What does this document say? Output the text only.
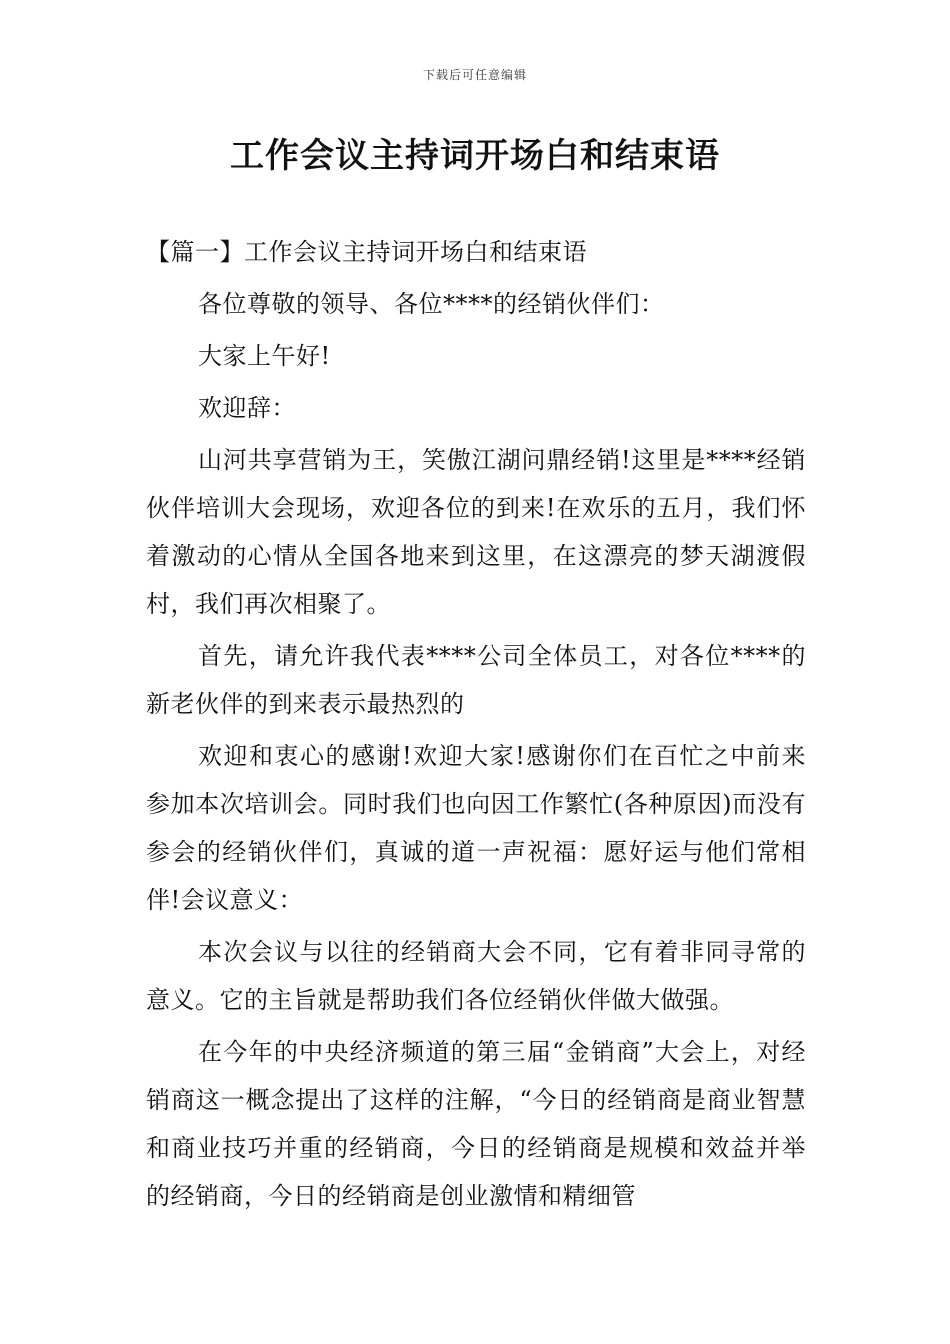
下载后可任意编辑
工作会议主持词开场白和结束语

【篇一】工作会议主持词开场白和结束语

各位尊敬的领导、各位****的经销伙伴们：

大家上午好!

欢迎辞：

山河共享营销为王，笑傲江湖问鼎经销!这里是****经销伙伴培训大会现场，欢迎各位的到来!在欢乐的五月，我们怀着激动的心情从全国各地来到这里，在这漂亮的梦天湖渡假村，我们再次相聚了。

首先，请允许我代表****公司全体员工，对各位****的新老伙伴的到来表示最热烈的

欢迎和衷心的感谢!欢迎大家!感谢你们在百忙之中前来参加本次培训会。同时我们也向因工作繁忙(各种原因)而没有参会的经销伙伴们，真诚的道一声祝福：愿好运与他们常相伴!会议意义：

本次会议与以往的经销商大会不同，它有着非同寻常的意义。它的主旨就是帮助我们各位经销伙伴做大做强。

在今年的中央经济频道的第三届“金销商”大会上，对经销商这一概念提出了这样的注解，“今日的经销商是商业智慧和商业技巧并重的经销商，今日的经销商是规模和效益并举的经销商，今日的经销商是创业激情和精细管
